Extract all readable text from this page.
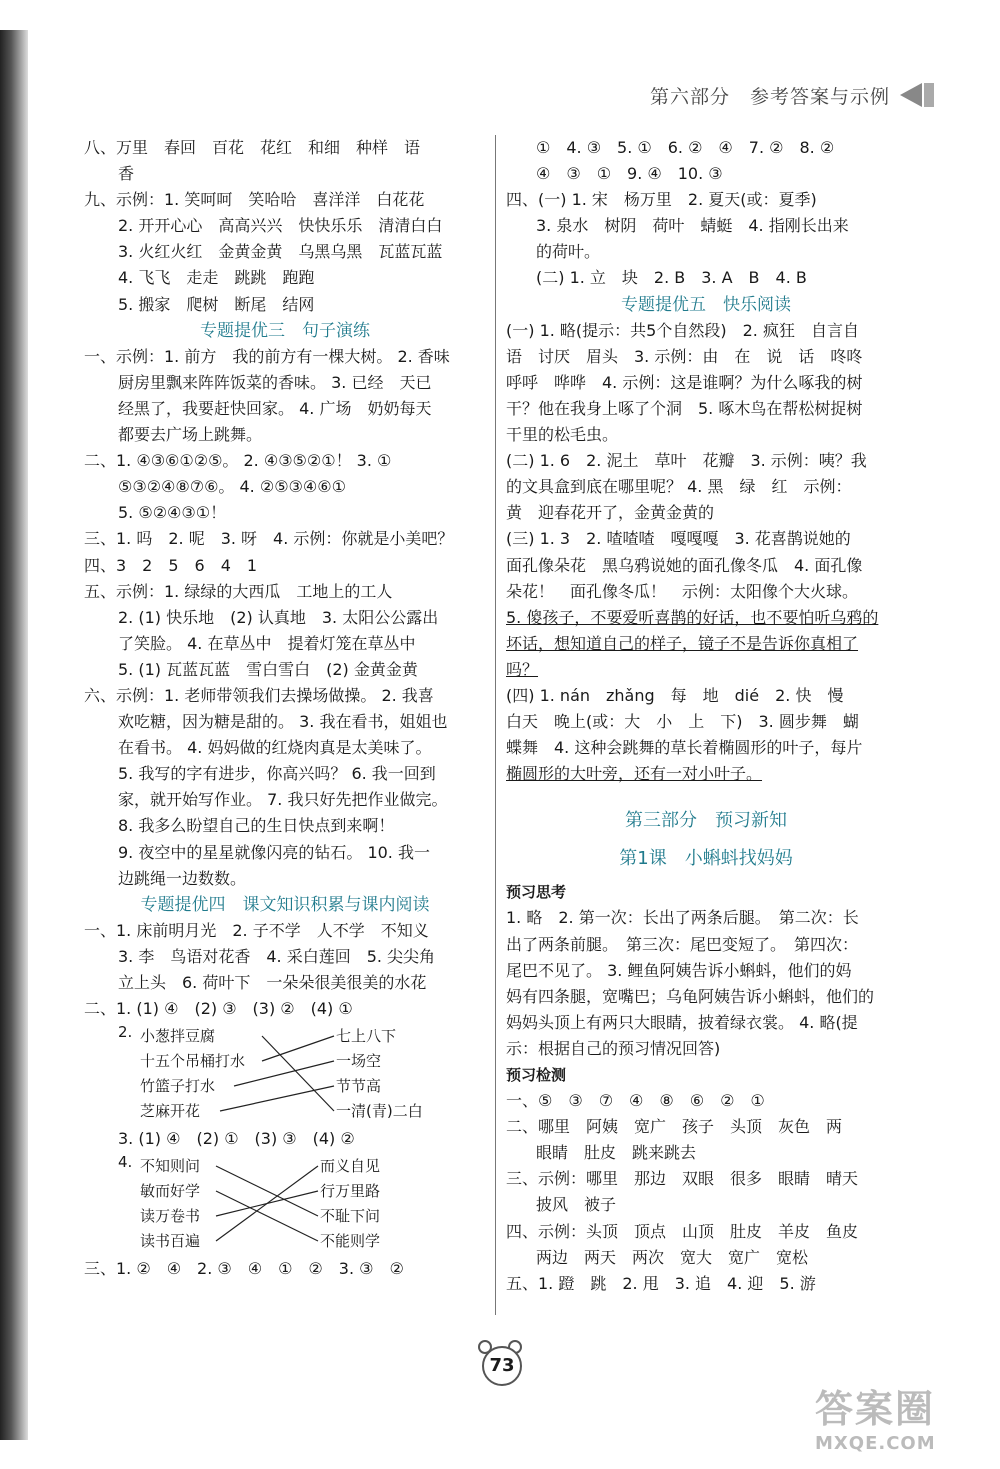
第六部分　参考答案与示例
八、万里　春回　百花　花红　和细　种样　语
香
九、示例：1. 笑呵呵　笑哈哈　喜洋洋　白花花
2. 开开心心　高高兴兴　快快乐乐　清清白白
3. 火红火红　金黄金黄　乌黑乌黑　瓦蓝瓦蓝
4. 飞飞　走走　跳跳　跑跑
5. 搬家　爬树　断尾　结网
专题提优三　句子演练
一、示例：1. 前方　我的前方有一棵大树。 2. 香味
厨房里飘来阵阵饭菜的香味。 3. 已经　天已
经黑了，我要赶快回家。 4. 广场　奶奶每天
都要去广场上跳舞。
二、1. ④③⑥①②⑤。 2. ④③⑤②①！ 3. ①
⑤③②④⑧⑦⑥。 4. ②⑤③④⑥①
5. ⑤②④③①！
三、1. 吗　2. 呢　3. 呀　4. 示例：你就是小美吧？
四、3　2　5　6　4　1
五、示例：1. 绿绿的大西瓜　工地上的工人
2. (1) 快乐地　(2) 认真地　3. 太阳公公露出
了笑脸。 4. 在草丛中　提着灯笼在草丛中
5. (1) 瓦蓝瓦蓝　雪白雪白　(2) 金黄金黄
六、示例：1. 老师带领我们去操场做操。 2. 我喜
欢吃糖，因为糖是甜的。 3. 我在看书，姐姐也
在看书。 4. 妈妈做的红烧肉真是太美味了。
5. 我写的字有进步，你高兴吗？ 6. 我一回到
家，就开始写作业。 7. 我只好先把作业做完。
8. 我多么盼望自己的生日快点到来啊！
9. 夜空中的星星就像闪亮的钻石。 10. 我一
边跳绳一边数数。
专题提优四　课文知识积累与课内阅读
一、1. 床前明月光　2. 子不学　人不学　不知义
3. 李　鸟语对花香　4. 采白莲回　5. 尖尖角
立上头　6. 荷叶下　一朵朵很美很美的水花
二、1. (1) ④　(2) ③　(3) ②　(4) ①
2. 小葱拌豆腐
十五个吊桶打水
竹篮子打水
芝麻开花
七上八下
一场空
节节高
一清(青)二白
3. (1) ④　(2) ①　(3) ③　(4) ②
4. 不知则问
敏而好学
读万卷书
读书百遍
而义自见
行万里路
不耻下问
不能则学
三、1. ②　④　2. ③　④　①　②　3. ③　②
①　4. ③　5. ①　6. ②　④　7. ②　8. ②
④　③　①　9. ④　10. ③
四、(一) 1. 宋　杨万里　2. 夏天(或：夏季)
3. 泉水　树阴　荷叶　蜻蜓　4. 指刚长出来
的荷叶。
(二) 1. 立　块　2. B　3. A　B　4. B
专题提优五　快乐阅读
(一) 1. 略(提示：共5个自然段)　2. 疯狂　自言自
语　讨厌　眉头　3. 示例：由　在　说　话　咚咚
呼呼　哗哗　4. 示例：这是谁啊？为什么啄我的树
干？他在我身上啄了个洞　5. 啄木鸟在帮松树捉树
干里的松毛虫。
(二) 1. 6　2. 泥土　草叶　花瓣　3. 示例：咦？我
的文具盒到底在哪里呢？ 4. 黑　绿　红　示例：
黄　迎春花开了，金黄金黄的
(三) 1. 3　2. 喳喳喳　嘎嘎嘎　3. 花喜鹊说她的
面孔像朵花　黑乌鸦说她的面孔像冬瓜　4. 面孔像
朵花！　面孔像冬瓜！　示例：太阳像个大火球。
5. 傻孩子，不要爱听喜鹊的好话，也不要怕听乌鸦的
坏话，想知道自己的样子，镜子不是告诉你真相了
吗？
(四) 1. nán　zhǎng　每　地　dié　2. 快　慢
白天　晚上(或：大　小　上　下)　3. 圆步舞　蝴
蝶舞　4. 这种会跳舞的草长着椭圆形的叶子，每片
椭圆形的大叶旁，还有一对小叶子。
第三部分　预习新知
第1课　小蝌蚪找妈妈
预习思考
1. 略　2. 第一次：长出了两条后腿。　第二次：长
出了两条前腿。　第三次：尾巴变短了。　第四次：
尾巴不见了。 3. 鲤鱼阿姨告诉小蝌蚪，他们的妈
妈有四条腿，宽嘴巴；乌龟阿姨告诉小蝌蚪，他们的
妈妈头顶上有两只大眼睛，披着绿衣裳。 4. 略(提
示：根据自己的预习情况回答)
预习检测
一、⑤　③　⑦　④　⑧　⑥　②　①
二、哪里　阿姨　宽广　孩子　头顶　灰色　两
眼睛　肚皮　跳来跳去
三、示例：哪里　那边　双眼　很多　眼睛　晴天
披风　被子
四、示例：头顶　顶点　山顶　肚皮　羊皮　鱼皮
两边　两天　两次　宽大　宽广　宽松
五、1. 蹬　跳　2. 甩　3. 追　4. 迎　5. 游
73
答案圈
MXQE.COM
